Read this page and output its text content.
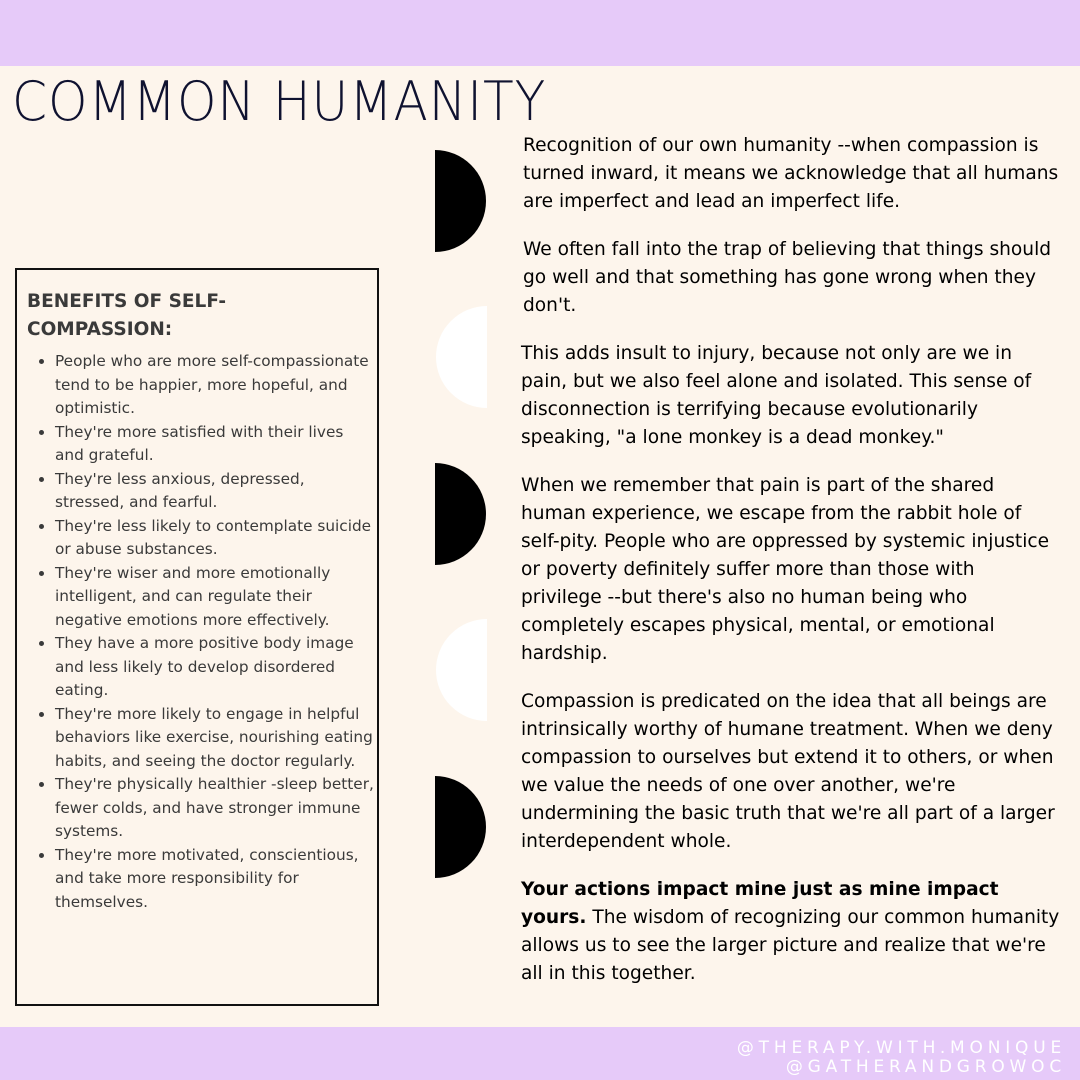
COMMON HUMANITY
BENEFITS OF SELF-COMPASSION:
• People who are more self-compassionate tend to be happier, more hopeful, and optimistic.
• They're more satisfied with their lives and grateful.
• They're less anxious, depressed, stressed, and fearful.
• They're less likely to contemplate suicide or abuse substances.
• They're wiser and more emotionally intelligent, and can regulate their negative emotions more effectively.
• They have a more positive body image and less likely to develop disordered eating.
• They're more likely to engage in helpful behaviors like exercise, nourishing eating habits, and seeing the doctor regularly.
• They're physically healthier -sleep better, fewer colds, and have stronger immune systems.
• They're more motivated, conscientious, and take more responsibility for themselves.

Recognition of our own humanity --when compassion is turned inward, it means we acknowledge that all humans are imperfect and lead an imperfect life.

We often fall into the trap of believing that things should go well and that something has gone wrong when they don't.

This adds insult to injury, because not only are we in pain, but we also feel alone and isolated. This sense of disconnection is terrifying because evolutionarily speaking, "a lone monkey is a dead monkey."

When we remember that pain is part of the shared human experience, we escape from the rabbit hole of self-pity. People who are oppressed by systemic injustice or poverty definitely suffer more than those with privilege --but there's also no human being who completely escapes physical, mental, or emotional hardship.

Compassion is predicated on the idea that all beings are intrinsically worthy of humane treatment. When we deny compassion to ourselves but extend it to others, or when we value the needs of one over another, we're undermining the basic truth that we're all part of a larger interdependent whole.

Your actions impact mine just as mine impact yours. The wisdom of recognizing our common humanity allows us to see the larger picture and realize that we're all in this together.

@THERAPY.WITH.MONIQUE
@GATHERANDGROWOC
